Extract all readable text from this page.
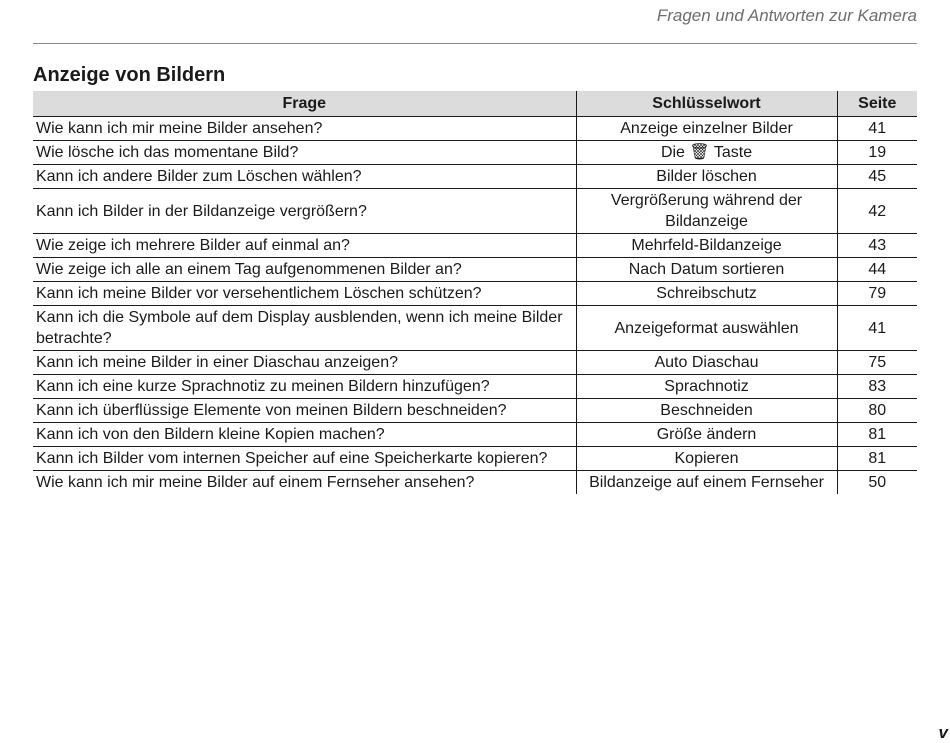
Fragen und Antworten zur Kamera
Anzeige von Bildern
Frage	Schlüsselwort	Seite
Wie kann ich mir meine Bilder ansehen?	Anzeige einzelner Bilder	41
Wie lösche ich das momentane Bild?	Die 🗑 Taste	19
Kann ich andere Bilder zum Löschen wählen?	Bilder löschen	45
Kann ich Bilder in der Bildanzeige vergrößern?	Vergrößerung während der Bildanzeige	42
Wie zeige ich mehrere Bilder auf einmal an?	Mehrfeld-Bildanzeige	43
Wie zeige ich alle an einem Tag aufgenommenen Bilder an?	Nach Datum sortieren	44
Kann ich meine Bilder vor versehentlichem Löschen schützen?	Schreibschutz	79
Kann ich die Symbole auf dem Display ausblenden, wenn ich meine Bilder betrachte?	Anzeigeformat auswählen	41
Kann ich meine Bilder in einer Diaschau anzeigen?	Auto Diaschau	75
Kann ich eine kurze Sprachnotiz zu meinen Bildern hinzufügen?	Sprachnotiz	83
Kann ich überflüssige Elemente von meinen Bildern beschneiden?	Beschneiden	80
Kann ich von den Bildern kleine Kopien machen?	Größe ändern	81
Kann ich Bilder vom internen Speicher auf eine Speicherkarte kopieren?	Kopieren	81
Wie kann ich mir meine Bilder auf einem Fernseher ansehen?	Bildanzeige auf einem Fernseher	50
v
